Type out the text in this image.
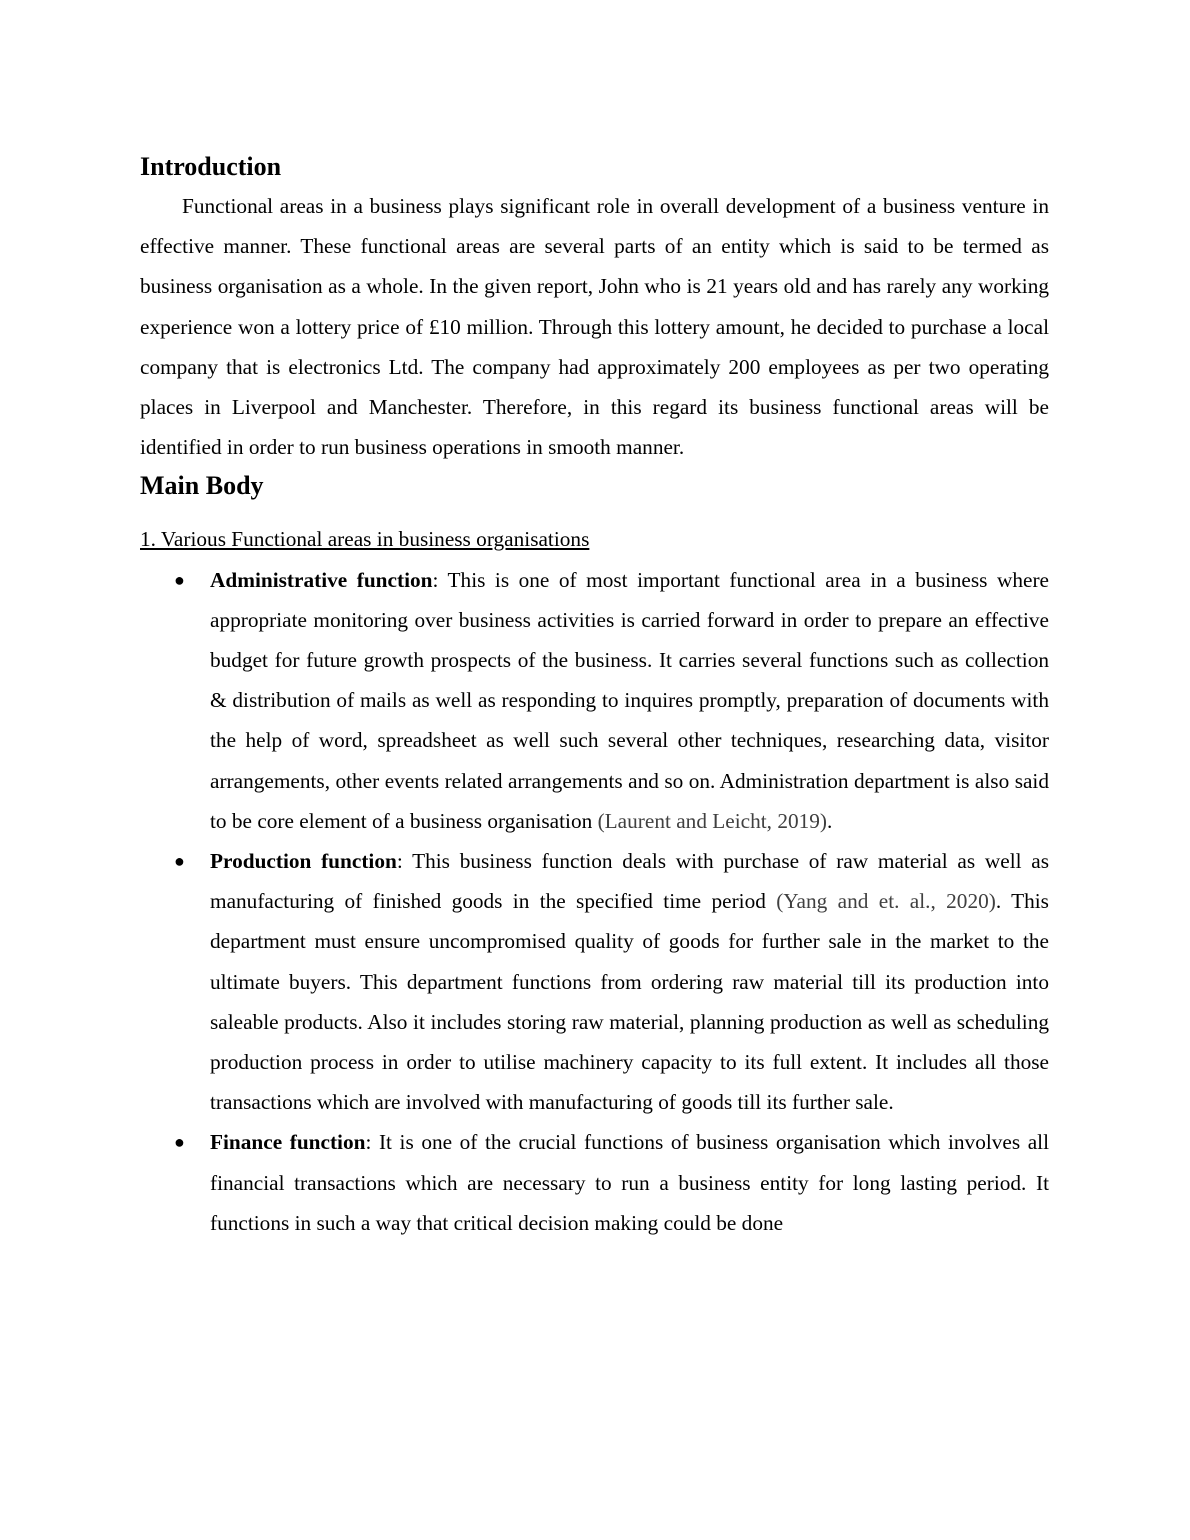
Introduction

Functional areas in a business plays significant role in overall development of a business venture in effective manner. These functional areas are several parts of an entity which is said to be termed as business organisation as a whole. In the given report, John who is 21 years old and has rarely any working experience won a lottery price of £10 million. Through this lottery amount, he decided to purchase a local company that is electronics Ltd. The company had approximately 200 employees as per two operating places in Liverpool and Manchester. Therefore, in this regard its business functional areas will be identified in order to run business operations in smooth manner.

Main Body
1. Various Functional areas in business organisations
● Administrative function: This is one of most important functional area in a business where appropriate monitoring over business activities is carried forward in order to prepare an effective budget for future growth prospects of the business. It carries several functions such as collection & distribution of mails as well as responding to inquires promptly, preparation of documents with the help of word, spreadsheet as well such several other techniques, researching data, visitor arrangements, other events related arrangements and so on. Administration department is also said to be core element of a business organisation (Laurent and Leicht, 2019).
● Production function: This business function deals with purchase of raw material as well as manufacturing of finished goods in the specified time period (Yang and et. al., 2020). This department must ensure uncompromised quality of goods for further sale in the market to the ultimate buyers. This department functions from ordering raw material till its production into saleable products. Also it includes storing raw material, planning production as well as scheduling production process in order to utilise machinery capacity to its full extent. It includes all those transactions which are involved with manufacturing of goods till its further sale.
● Finance function: It is one of the crucial functions of business organisation which involves all financial transactions which are necessary to run a business entity for long lasting period. It functions in such a way that critical decision making could be done
